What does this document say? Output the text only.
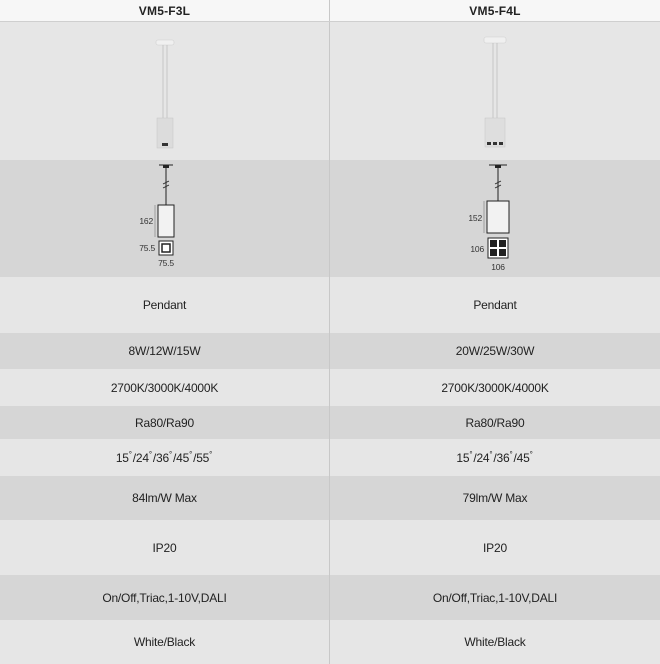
VM5-F3L	VM5-F4L
162
75.5
75.5
152
106
106
Pendant	Pendant
8W/12W/15W	20W/25W/30W
2700K/3000K/4000K	2700K/3000K/4000K
Ra80/Ra90	Ra80/Ra90
15° /24° /36° /45° /55°	15° /24° /36° /45°
84lm/W Max	79lm/W Max
IP20	IP20
On/Off,Triac,1-10V,DALI	On/Off,Triac,1-10V,DALI
White/Black	White/Black
